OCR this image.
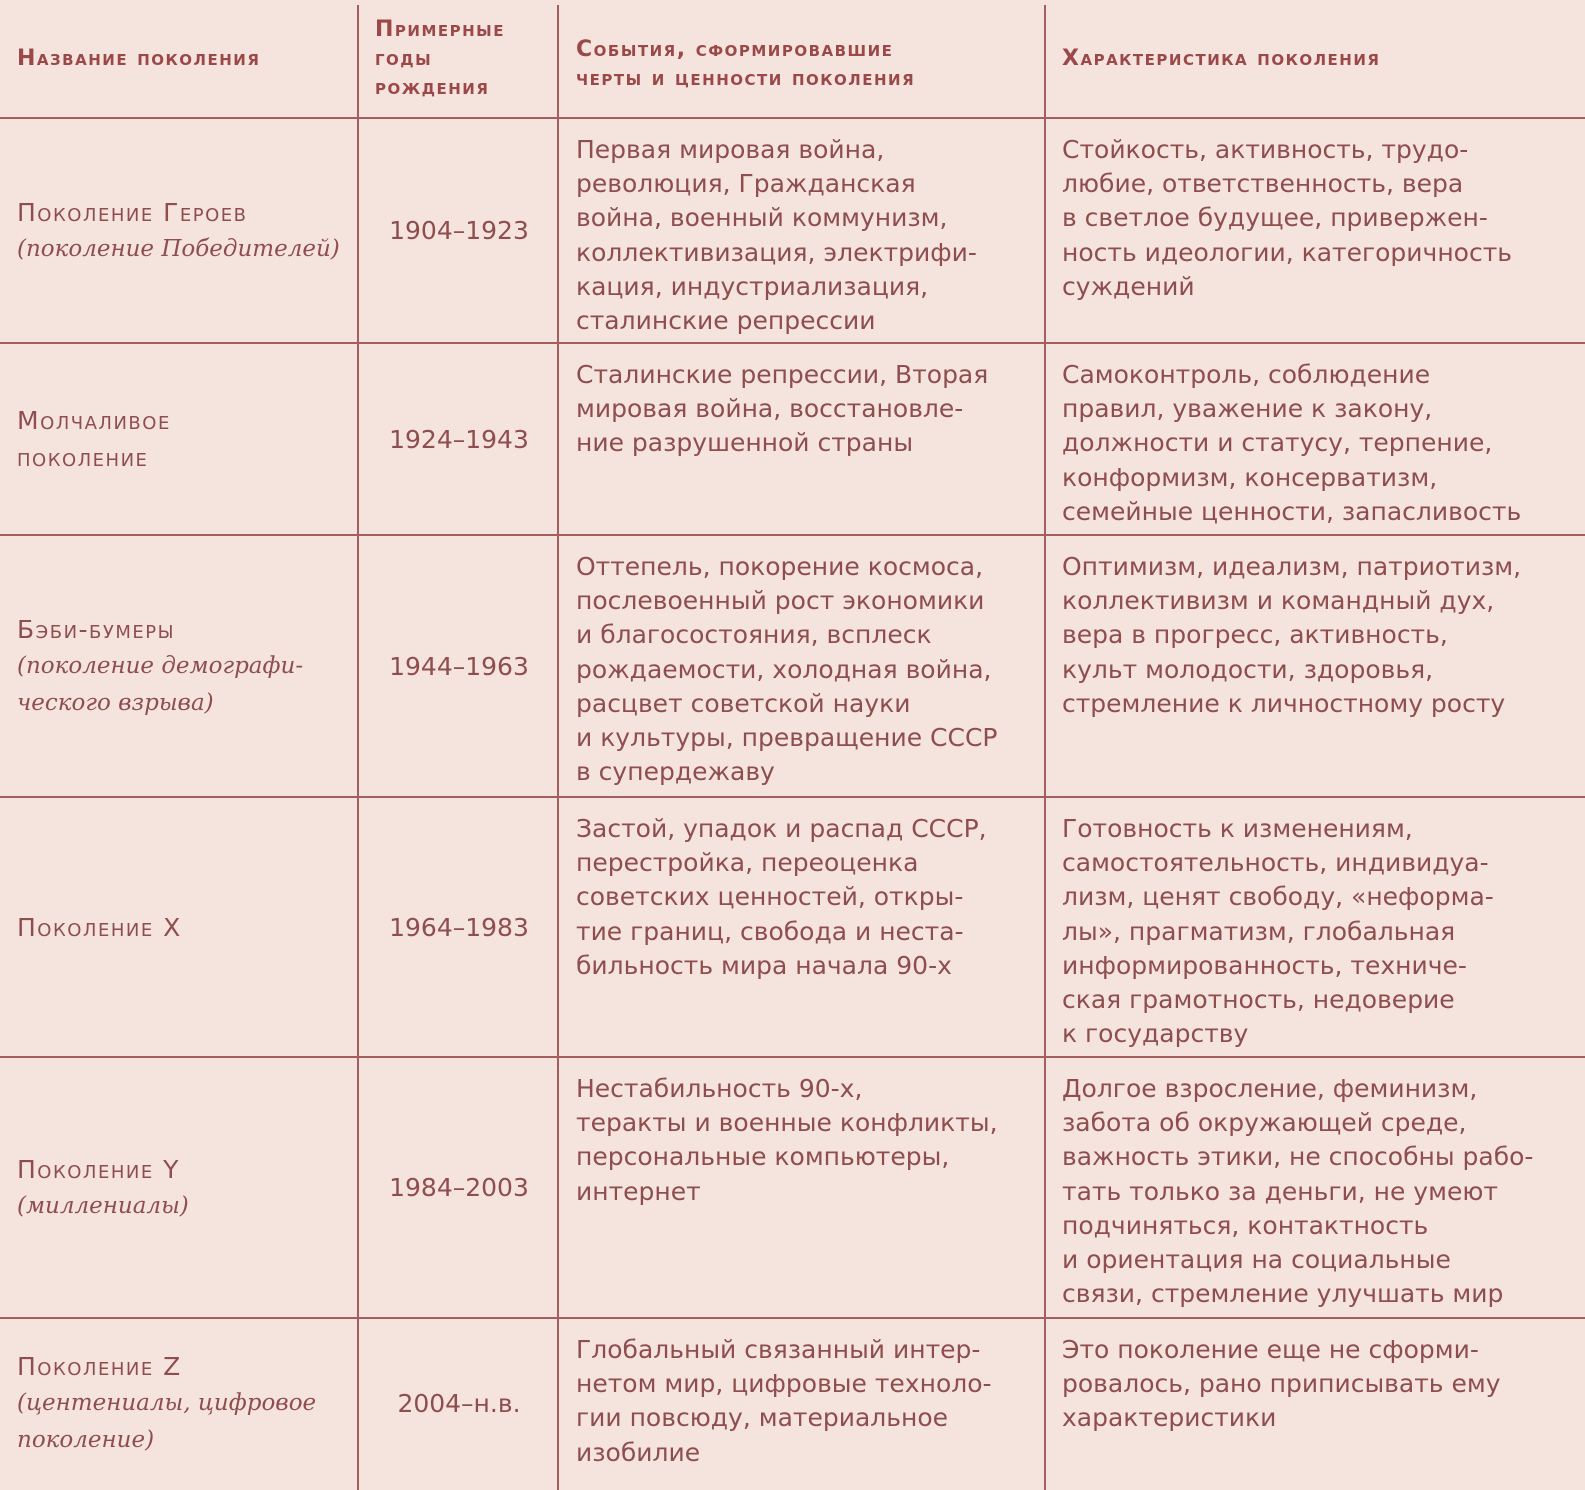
Название поколения
Примерные
годы
рождения
События, сформировавшие
черты и ценности поколения
Характеристика поколения
Поколение Героев
(поколение Победителей)
1904–1923
Первая мировая война,
революция, Гражданская
война, военный коммунизм,
коллективизация, электрифи-
кация, индустриализация,
сталинские репрессии
Стойкость, активность, трудо-
любие, ответственность, вера
в светлое будущее, привержен-
ность идеологии, категоричность
суждений
Молчаливое
поколение
1924–1943
Сталинские репрессии, Вторая
мировая война, восстановле-
ние разрушенной страны
Самоконтроль, соблюдение
правил, уважение к закону,
должности и статусу, терпение,
конформизм, консерватизм,
семейные ценности, запасливость
Бэби-бумеры
(поколение демографи-
ческого взрыва)
1944–1963
Оттепель, покорение космоса,
послевоенный рост экономики
и благосостояния, всплеск
рождаемости, холодная война,
расцвет советской науки
и культуры, превращение СССР
в супердежаву
Оптимизм, идеализм, патриотизм,
коллективизм и командный дух,
вера в прогресс, активность,
культ молодости, здоровья,
стремление к личностному росту
Поколение X	1964–1983
Застой, упадок и распад СССР,
перестройка, переоценка
советских ценностей, откры-
тие границ, свобода и неста-
бильность мира начала 90-х
Готовность к изменениям,
самостоятельность, индивидуа-
лизм, ценят свободу, «неформа-
лы», прагматизм, глобальная
информированность, техниче-
ская грамотность, недоверие
к государству
Поколение Y
(миллениалы)
1984–2003
Нестабильность 90-х,
теракты и военные конфликты,
персональные компьютеры,
интернет
Долгое взросление, феминизм,
забота об окружающей среде,
важность этики, не способны рабо-
тать только за деньги, не умеют
подчиняться, контактность
и ориентация на социальные
связи, стремление улучшать мир
Поколение Z
(центениалы, цифровое
поколение)
2004–н.в.
Глобальный связанный интер-
нетом мир, цифровые техноло-
гии повсюду, материальное
изобилие
Это поколение еще не сформи-
ровалось, рано приписывать ему
характеристики
